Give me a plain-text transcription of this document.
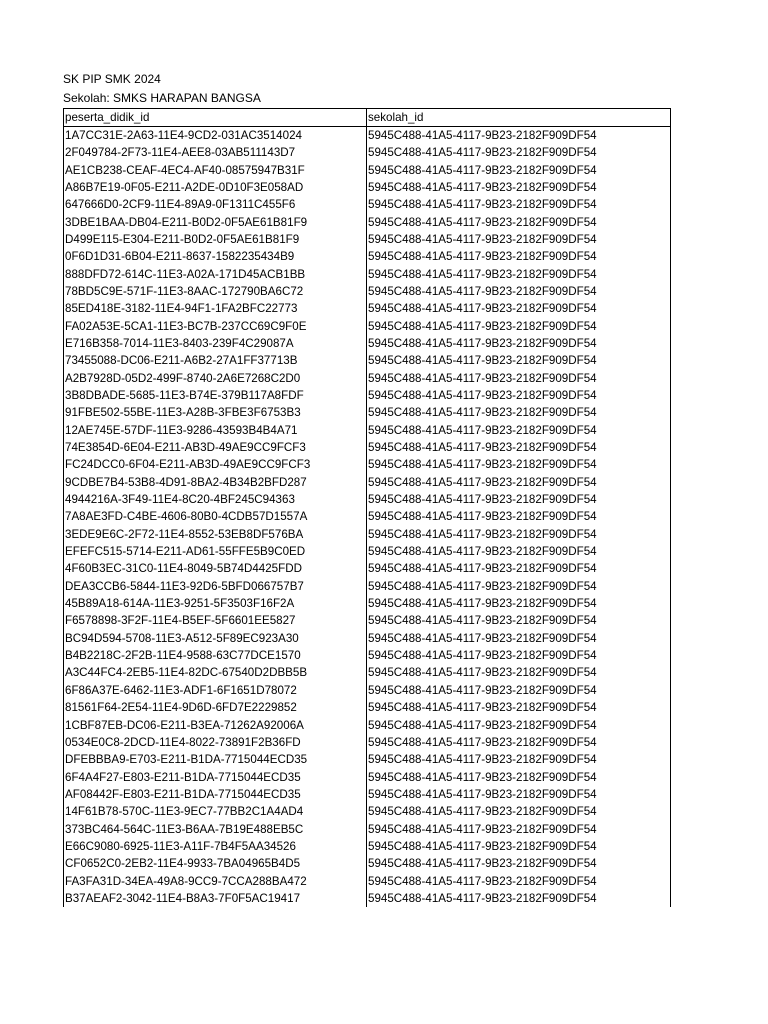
SK PIP SMK 2024
Sekolah: SMKS HARAPAN BANGSA
peserta_didik_id	sekolah_id
1A7CC31E-2A63-11E4-9CD2-031AC3514024	5945C488-41A5-4117-9B23-2182F909DF54
2F049784-2F73-11E4-AEE8-03AB511143D7	5945C488-41A5-4117-9B23-2182F909DF54
AE1CB238-CEAF-4EC4-AF40-08575947B31F	5945C488-41A5-4117-9B23-2182F909DF54
A86B7E19-0F05-E211-A2DE-0D10F3E058AD	5945C488-41A5-4117-9B23-2182F909DF54
647666D0-2CF9-11E4-89A9-0F1311C455F6	5945C488-41A5-4117-9B23-2182F909DF54
3DBE1BAA-DB04-E211-B0D2-0F5AE61B81F9	5945C488-41A5-4117-9B23-2182F909DF54
D499E115-E304-E211-B0D2-0F5AE61B81F9	5945C488-41A5-4117-9B23-2182F909DF54
0F6D1D31-6B04-E211-8637-1582235434B9	5945C488-41A5-4117-9B23-2182F909DF54
888DFD72-614C-11E3-A02A-171D45ACB1BB	5945C488-41A5-4117-9B23-2182F909DF54
78BD5C9E-571F-11E3-8AAC-172790BA6C72	5945C488-41A5-4117-9B23-2182F909DF54
85ED418E-3182-11E4-94F1-1FA2BFC22773	5945C488-41A5-4117-9B23-2182F909DF54
FA02A53E-5CA1-11E3-BC7B-237CC69C9F0E	5945C488-41A5-4117-9B23-2182F909DF54
E716B358-7014-11E3-8403-239F4C29087A	5945C488-41A5-4117-9B23-2182F909DF54
73455088-DC06-E211-A6B2-27A1FF37713B	5945C488-41A5-4117-9B23-2182F909DF54
A2B7928D-05D2-499F-8740-2A6E7268C2D0	5945C488-41A5-4117-9B23-2182F909DF54
3B8DBADE-5685-11E3-B74E-379B117A8FDF	5945C488-41A5-4117-9B23-2182F909DF54
91FBE502-55BE-11E3-A28B-3FBE3F6753B3	5945C488-41A5-4117-9B23-2182F909DF54
12AE745E-57DF-11E3-9286-43593B4B4A71	5945C488-41A5-4117-9B23-2182F909DF54
74E3854D-6E04-E211-AB3D-49AE9CC9FCF3	5945C488-41A5-4117-9B23-2182F909DF54
FC24DCC0-6F04-E211-AB3D-49AE9CC9FCF3	5945C488-41A5-4117-9B23-2182F909DF54
9CDBE7B4-53B8-4D91-8BA2-4B34B2BFD287	5945C488-41A5-4117-9B23-2182F909DF54
4944216A-3F49-11E4-8C20-4BF245C94363	5945C488-41A5-4117-9B23-2182F909DF54
7A8AE3FD-C4BE-4606-80B0-4CDB57D1557A	5945C488-41A5-4117-9B23-2182F909DF54
3EDE9E6C-2F72-11E4-8552-53EB8DF576BA	5945C488-41A5-4117-9B23-2182F909DF54
EFEFC515-5714-E211-AD61-55FFE5B9C0ED	5945C488-41A5-4117-9B23-2182F909DF54
4F60B3EC-31C0-11E4-8049-5B74D4425FDD	5945C488-41A5-4117-9B23-2182F909DF54
DEA3CCB6-5844-11E3-92D6-5BFD066757B7	5945C488-41A5-4117-9B23-2182F909DF54
45B89A18-614A-11E3-9251-5F3503F16F2A	5945C488-41A5-4117-9B23-2182F909DF54
F6578898-3F2F-11E4-B5EF-5F6601EE5827	5945C488-41A5-4117-9B23-2182F909DF54
BC94D594-5708-11E3-A512-5F89EC923A30	5945C488-41A5-4117-9B23-2182F909DF54
B4B2218C-2F2B-11E4-9588-63C77DCE1570	5945C488-41A5-4117-9B23-2182F909DF54
A3C44FC4-2EB5-11E4-82DC-67540D2DBB5B	5945C488-41A5-4117-9B23-2182F909DF54
6F86A37E-6462-11E3-ADF1-6F1651D78072	5945C488-41A5-4117-9B23-2182F909DF54
81561F64-2E54-11E4-9D6D-6FD7E2229852	5945C488-41A5-4117-9B23-2182F909DF54
1CBF87EB-DC06-E211-B3EA-71262A92006A	5945C488-41A5-4117-9B23-2182F909DF54
0534E0C8-2DCD-11E4-8022-73891F2B36FD	5945C488-41A5-4117-9B23-2182F909DF54
DFEBBBA9-E703-E211-B1DA-7715044ECD35	5945C488-41A5-4117-9B23-2182F909DF54
6F4A4F27-E803-E211-B1DA-7715044ECD35	5945C488-41A5-4117-9B23-2182F909DF54
AF08442F-E803-E211-B1DA-7715044ECD35	5945C488-41A5-4117-9B23-2182F909DF54
14F61B78-570C-11E3-9EC7-77BB2C1A4AD4	5945C488-41A5-4117-9B23-2182F909DF54
373BC464-564C-11E3-B6AA-7B19E488EB5C	5945C488-41A5-4117-9B23-2182F909DF54
E66C9080-6925-11E3-A11F-7B4F5AA34526	5945C488-41A5-4117-9B23-2182F909DF54
CF0652C0-2EB2-11E4-9933-7BA04965B4D5	5945C488-41A5-4117-9B23-2182F909DF54
FA3FA31D-34EA-49A8-9CC9-7CCA288BA472	5945C488-41A5-4117-9B23-2182F909DF54
B37AEAF2-3042-11E4-B8A3-7F0F5AC19417	5945C488-41A5-4117-9B23-2182F909DF54
